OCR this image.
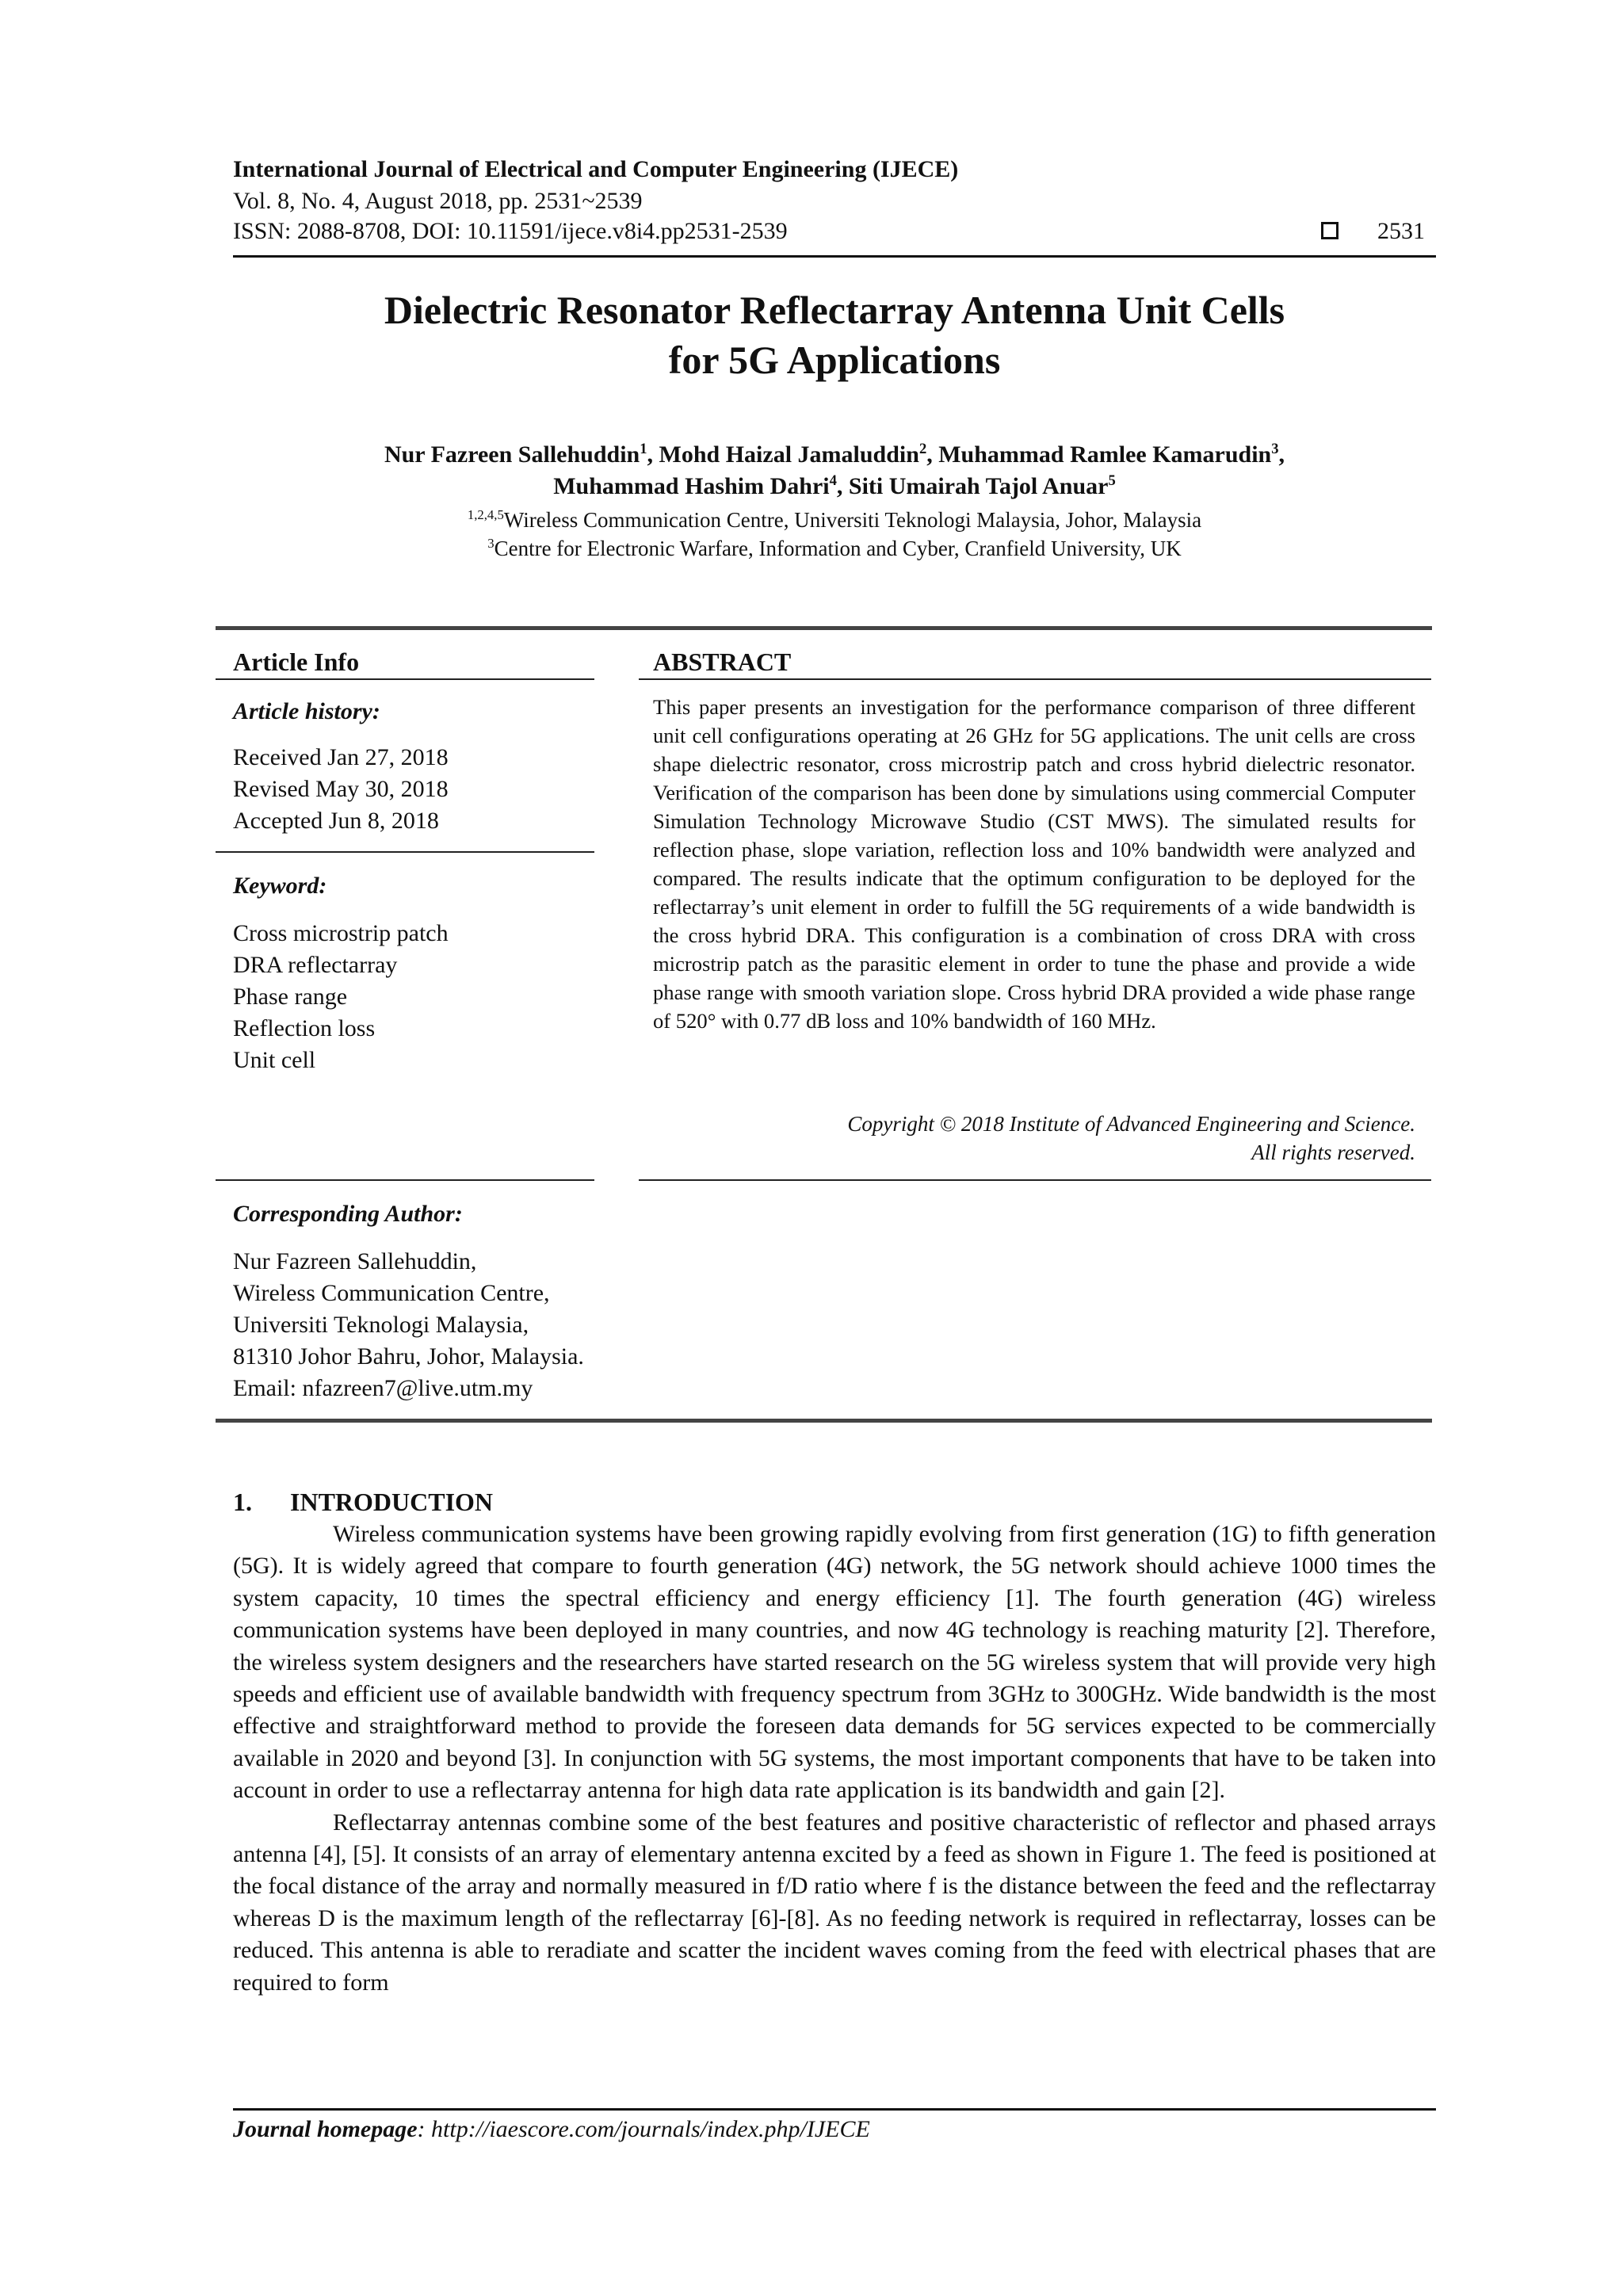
International Journal of Electrical and Computer Engineering (IJECE)
Vol. 8, No. 4, August 2018, pp. 2531~2539
ISSN: 2088-8708, DOI: 10.11591/ijece.v8i4.pp2531-2539	2531
Dielectric Resonator Reflectarray Antenna Unit Cells
for 5G Applications
Nur Fazreen Sallehuddin$^1$, Mohd Haizal Jamaluddin$^2$, Muhammad Ramlee Kamarudin$^3$,
Muhammad Hashim Dahri$^4$, Siti Umairah Tajol Anuar$^5$
$^{1,2,4,5}$Wireless Communication Centre, Universiti Teknologi Malaysia, Johor, Malaysia
$^3$Centre for Electronic Warfare, Information and Cyber, Cranfield University, UK
Article Info
Article history:
Received Jan 27, 2018
Revised May 30, 2018
Accepted Jun 8, 2018
Keyword:
Cross microstrip patch
DRA reflectarray
Phase range
Reflection loss
Unit cell
ABSTRACT
This paper presents an investigation for the performance comparison of three different unit cell configurations operating at 26 GHz for 5G applications. The unit cells are cross shape dielectric resonator, cross microstrip patch and cross hybrid dielectric resonator. Verification of the comparison has been done by simulations using commercial Computer Simulation Technology Microwave Studio (CST MWS). The simulated results for reflection phase, slope variation, reflection loss and 10% bandwidth were analyzed and compared. The results indicate that the optimum configuration to be deployed for the reflectarray’s unit element in order to fulfill the 5G requirements of a wide bandwidth is the cross hybrid DRA. This configuration is a combination of cross DRA with cross microstrip patch as the parasitic element in order to tune the phase and provide a wide phase range with smooth variation slope. Cross hybrid DRA provided a wide phase range of 520° with 0.77 dB loss and 10% bandwidth of 160 MHz.
Copyright © 2018 Institute of Advanced Engineering and Science.
All rights reserved.
Corresponding Author:
Nur Fazreen Sallehuddin,
Wireless Communication Centre,
Universiti Teknologi Malaysia,
81310 Johor Bahru, Johor, Malaysia.
Email: nfazreen7@live.utm.my
1.      INTRODUCTION

Wireless communication systems have been growing rapidly evolving from first generation (1G) to fifth generation (5G). It is widely agreed that compare to fourth generation (4G) network, the 5G network should achieve 1000 times the system capacity, 10 times the spectral efficiency and energy efficiency [1]. The fourth generation (4G) wireless communication systems have been deployed in many countries, and now 4G technology is reaching maturity [2]. Therefore, the wireless system designers and the researchers have started research on the 5G wireless system that will provide very high speeds and efficient use of available bandwidth with frequency spectrum from 3GHz to 300GHz. Wide bandwidth is the most effective and straightforward method to provide the foreseen data demands for 5G services expected to be commercially available in 2020 and beyond [3]. In conjunction with 5G systems, the most important components that have to be taken into account in order to use a reflectarray antenna for high data rate application is its bandwidth and gain [2].

Reflectarray antennas combine some of the best features and positive characteristic of reflector and phased arrays antenna [4], [5]. It consists of an array of elementary antenna excited by a feed as shown in Figure 1. The feed is positioned at the focal distance of the array and normally measured in f/D ratio where f is the distance between the feed and the reflectarray whereas D is the maximum length of the reflectarray [6]-[8]. As no feeding network is required in reflectarray, losses can be reduced. This antenna is able to reradiate and scatter the incident waves coming from the feed with electrical phases that are required to form

Journal homepage: http://iaescore.com/journals/index.php/IJECE
